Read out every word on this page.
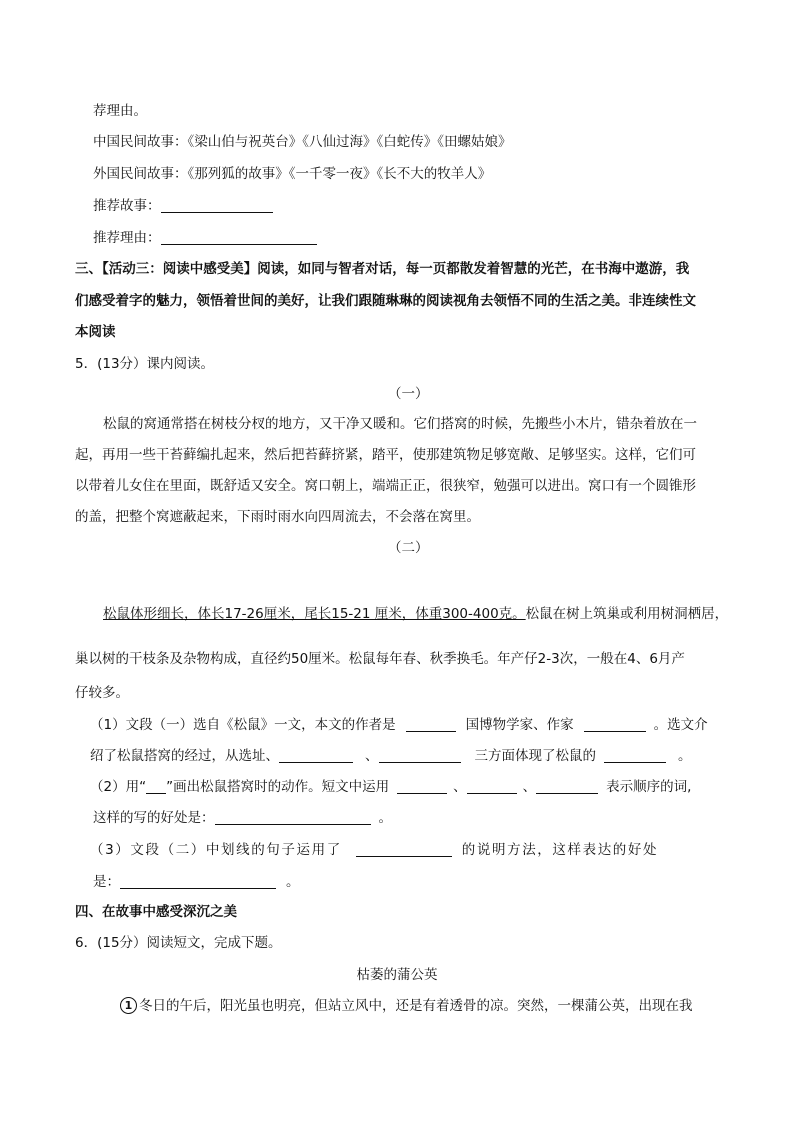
荐理由。
中国民间故事：《梁山伯与祝英台》《八仙过海》《白蛇传》《田螺姑娘》
外国民间故事：《那列狐的故事》《一千零一夜》《长不大的牧羊人》
推荐故事：
推荐理由：
三、【活动三：阅读中感受美】阅读，如同与智者对话，每一页都散发着智慧的光芒，在书海中遨游，我
们感受着字的魅力，领悟着世间的美好，让我们跟随琳琳的阅读视角去领悟不同的生活之美。非连续性文
本阅读
5．(13分）课内阅读。
（一）
松鼠的窝通常搭在树枝分杈的地方，又干净又暖和。它们搭窝的时候，先搬些小木片，错杂着放在一
起，再用一些干苔藓编扎起来，然后把苔藓挤紧，踏平，使那建筑物足够宽敞、足够坚实。这样，它们可
以带着儿女住在里面，既舒适又安全。窝口朝上，端端正正，很狭窄，勉强可以进出。窝口有一个圆锥形
的盖，把整个窝遮蔽起来，下雨时雨水向四周流去，不会落在窝里。
（二）
松鼠体形细长，体长17-26厘米，尾长15-21 厘米，体重300-400克。松鼠在树上筑巢或利用树洞栖居，
巢以树的干枝条及杂物构成，直径约50厘米。松鼠每年春、秋季换毛。年产仔2-3次，一般在4、6月产
仔较多。
（1）文段（一）选自《松鼠》一文，本文的作者是	国博物学家、作家	。选文介
绍了松鼠搭窝的经过，从选址、	、	三方面体现了松鼠的	。
（2）用“ ”画出松鼠搭窝时的动作。短文中运用	、	、	表示顺序的词,
这样的写的好处是：	。
（3）文段（二）中划线的句子运用了	的说明方法，这样表达的好处
是：	。
四、在故事中感受深沉之美
6．(15分）阅读短文，完成下题。
枯萎的蒲公英
1 冬日的午后，阳光虽也明亮，但站立风中，还是有着透骨的凉。突然，一棵蒲公英，出现在我
